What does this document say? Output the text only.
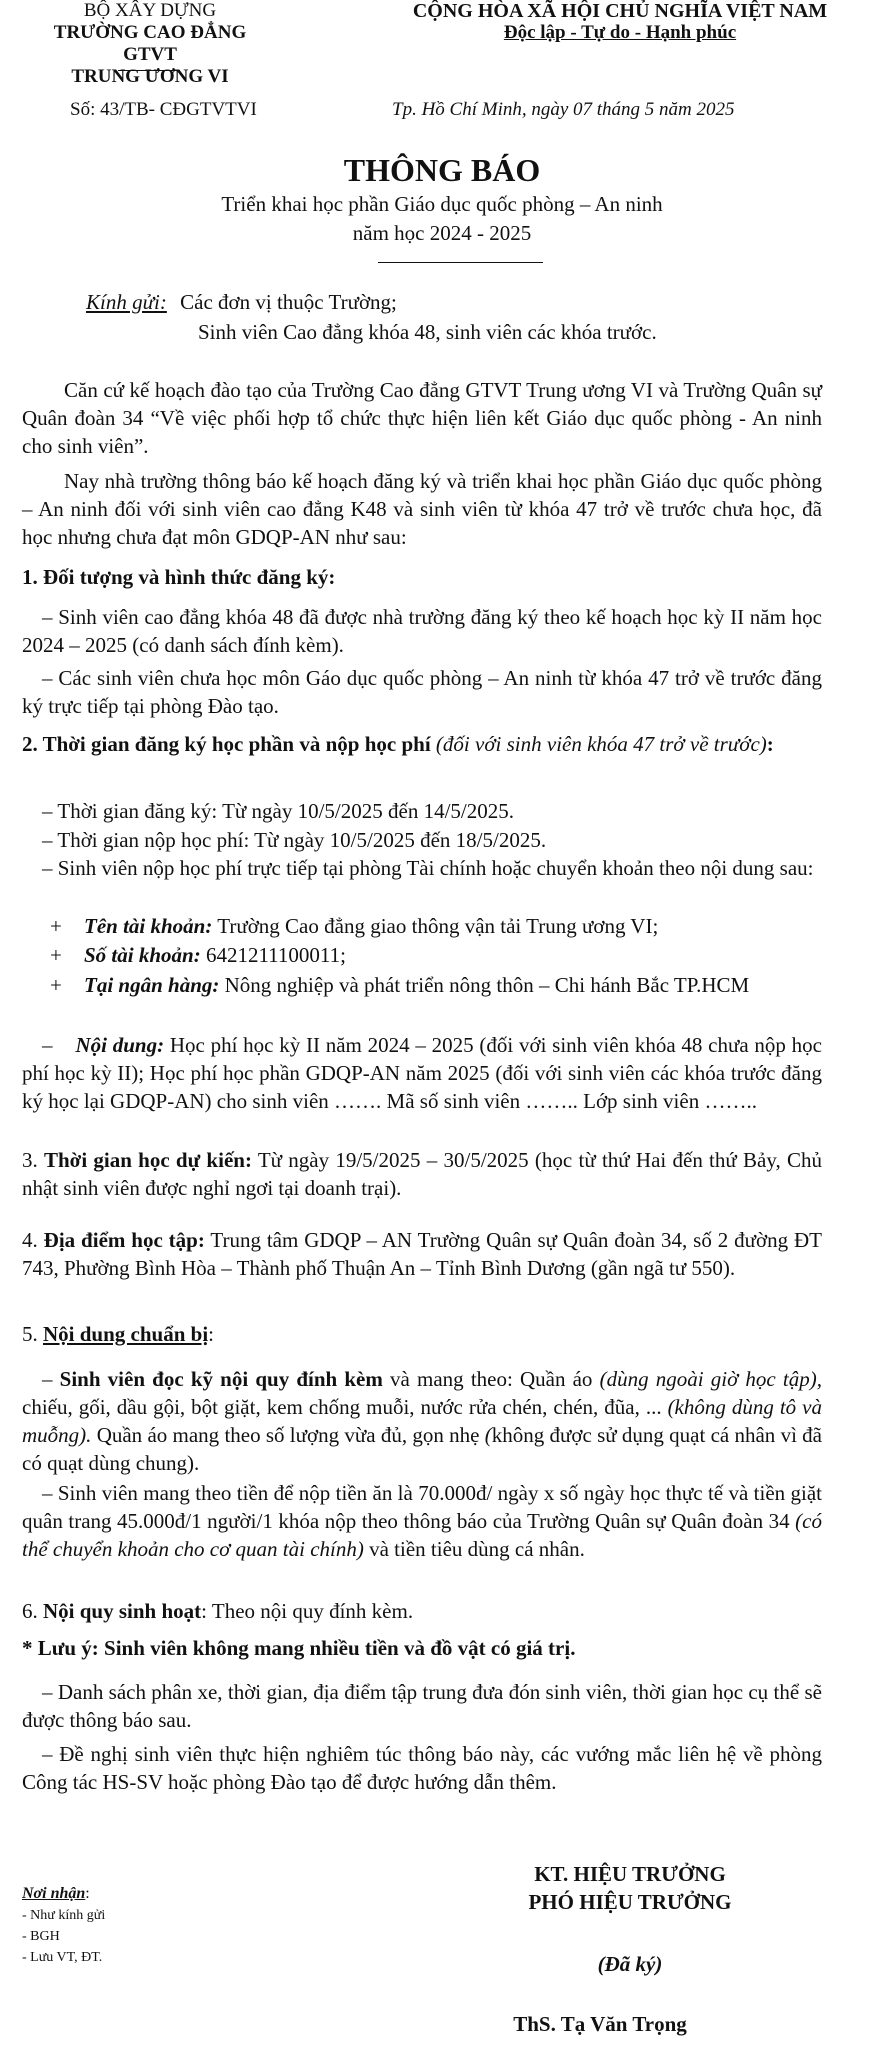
BỘ XÂY DỰNG
TRƯỜNG CAO ĐẲNG GTVT
TRUNG ƯƠNG VI
CỘNG HÒA XÃ HỘI CHỦ NGHĨA VIỆT NAM
Độc lập - Tự do - Hạnh phúc
Số: 43/TB- CĐGTVTVI	Tp. Hồ Chí Minh, ngày 07 tháng 5 năm 2025
THÔNG BÁO
Triển khai học phần Giáo dục quốc phòng – An ninh
năm học 2024 - 2025
Kính gửi: Các đơn vị thuộc Trường;
Sinh viên Cao đẳng khóa 48, sinh viên các khóa trước.
Căn cứ kế hoạch đào tạo của Trường Cao đẳng GTVT Trung ương VI và Trường Quân sự Quân đoàn 34 “Về việc phối hợp tổ chức thực hiện liên kết Giáo dục quốc phòng - An ninh cho sinh viên”.
Nay nhà trường thông báo kế hoạch đăng ký và triển khai học phần Giáo dục quốc phòng – An ninh đối với sinh viên cao đẳng K48 và sinh viên từ khóa 47 trở về trước chưa học, đã học nhưng chưa đạt môn GDQP-AN như sau:
1. Đối tượng và hình thức đăng ký:
– Sinh viên cao đẳng khóa 48 đã được nhà trường đăng ký theo kế hoạch học kỳ II năm học 2024 – 2025 (có danh sách đính kèm).
– Các sinh viên chưa học môn Gáo dục quốc phòng – An ninh từ khóa 47 trở về trước đăng ký trực tiếp tại phòng Đào tạo.
2. Thời gian đăng ký học phần và nộp học phí (đối với sinh viên khóa 47 trở về trước):
– Thời gian đăng ký: Từ ngày 10/5/2025 đến 14/5/2025.
– Thời gian nộp học phí: Từ ngày 10/5/2025 đến 18/5/2025.
– Sinh viên nộp học phí trực tiếp tại phòng Tài chính hoặc chuyển khoản theo nội dung sau:
+ Tên tài khoản: Trường Cao đẳng giao thông vận tải Trung ương VI;
+ Số tài khoản: 6421211100011;
+	Tại ngân hàng: Nông nghiệp và phát triển nông thôn – Chi hánh Bắc TP.HCM
– Nội dung: Học phí học kỳ II năm 2024 – 2025 (đối với sinh viên khóa 48 chưa nộp học phí học kỳ II); Học phí học phần GDQP-AN năm 2025 (đối với sinh viên các khóa trước đăng ký học lại GDQP-AN) cho sinh viên ……. Mã số sinh viên …….. Lớp sinh viên ……..
3. Thời gian học dự kiến: Từ ngày 19/5/2025 – 30/5/2025 (học từ thứ Hai đến thứ Bảy, Chủ nhật sinh viên được nghỉ ngơi tại doanh trại).
4. Địa điểm học tập: Trung tâm GDQP – AN Trường Quân sự Quân đoàn 34, số 2 đường ĐT 743, Phường Bình Hòa – Thành phố Thuận An – Tỉnh Bình Dương (gần ngã tư 550).
5. Nội dung chuẩn bị:
– Sinh viên đọc kỹ nội quy đính kèm và mang theo: Quần áo (dùng ngoài giờ học tập), chiếu, gối, dầu gội, bột giặt, kem chống muỗi, nước rửa chén, chén, đũa, ... (không dùng tô và muỗng). Quần áo mang theo số lượng vừa đủ, gọn nhẹ (không được sử dụng quạt cá nhân vì đã có quạt dùng chung).
– Sinh viên mang theo tiền để nộp tiền ăn là 70.000đ/ ngày x số ngày học thực tế và tiền giặt quân trang 45.000đ/1 người/1 khóa nộp theo thông báo của Trường Quân sự Quân đoàn 34 (có thể chuyển khoản cho cơ quan tài chính) và tiền tiêu dùng cá nhân.
6. Nội quy sinh hoạt: Theo nội quy đính kèm.
* Lưu ý: Sinh viên không mang nhiều tiền và đồ vật có giá trị.
– Danh sách phân xe, thời gian, địa điểm tập trung đưa đón sinh viên, thời gian học cụ thể sẽ được thông báo sau.
– Đề nghị sinh viên thực hiện nghiêm túc thông báo này, các vướng mắc liên hệ về phòng Công tác HS-SV hoặc phòng Đào tạo để được hướng dẫn thêm.
Nơi nhận:
- Như kính gửi
- BGH
- Lưu VT, ĐT.
KT. HIỆU TRƯỞNG
PHÓ HIỆU TRƯỞNG
(Đã ký)
ThS. Tạ Văn Trọng
